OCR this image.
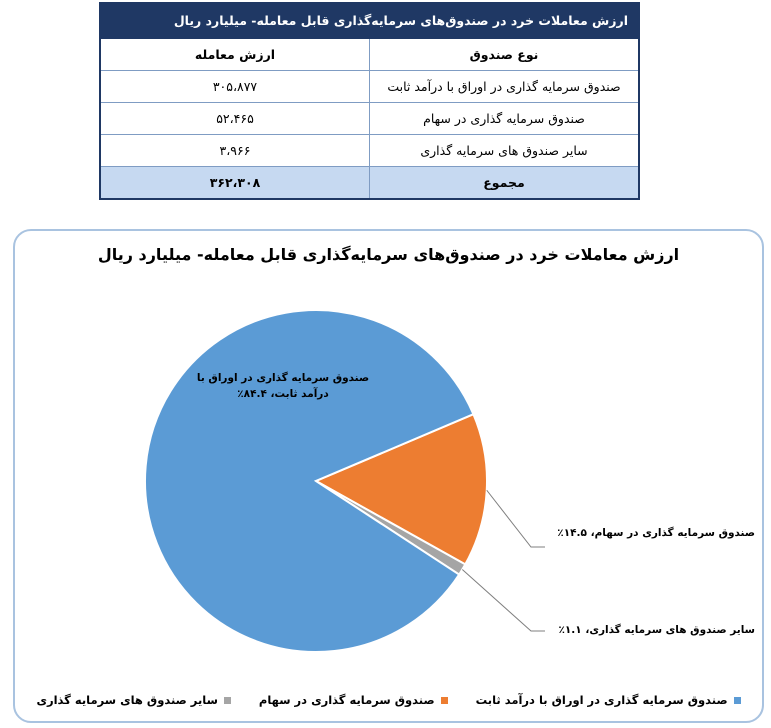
ارزش معاملات خرد در صندوق‌های سرمایه‌گذاری قابل معامله- میلیارد ریال	
نوع صندوق	ارزش معامله
صندوق سرمایه گذاری در اوراق با درآمد ثابت	۳۰۵،۸۷۷
صندوق سرمایه گذاری در سهام	۵۲،۴۶۵
سایر صندوق های سرمایه گذاری	۳،۹۶۶
مجموع	۳۶۲،۳۰۸
ارزش معاملات خرد در صندوق‌های سرمایه‌گذاری قابل معامله- میلیارد ریال
صندوق سرمایه گذاری در اوراق با درآمد ثابت، ۸۴.۴٪
صندوق سرمایه گذاری در سهام، ۱۴.۵٪
سایر صندوق های سرمایه گذاری، ۱.۱٪
صندوق سرمایه گذاری در اوراق با درآمد ثابت
صندوق سرمایه گذاری در سهام
سایر صندوق های سرمایه گذاری
